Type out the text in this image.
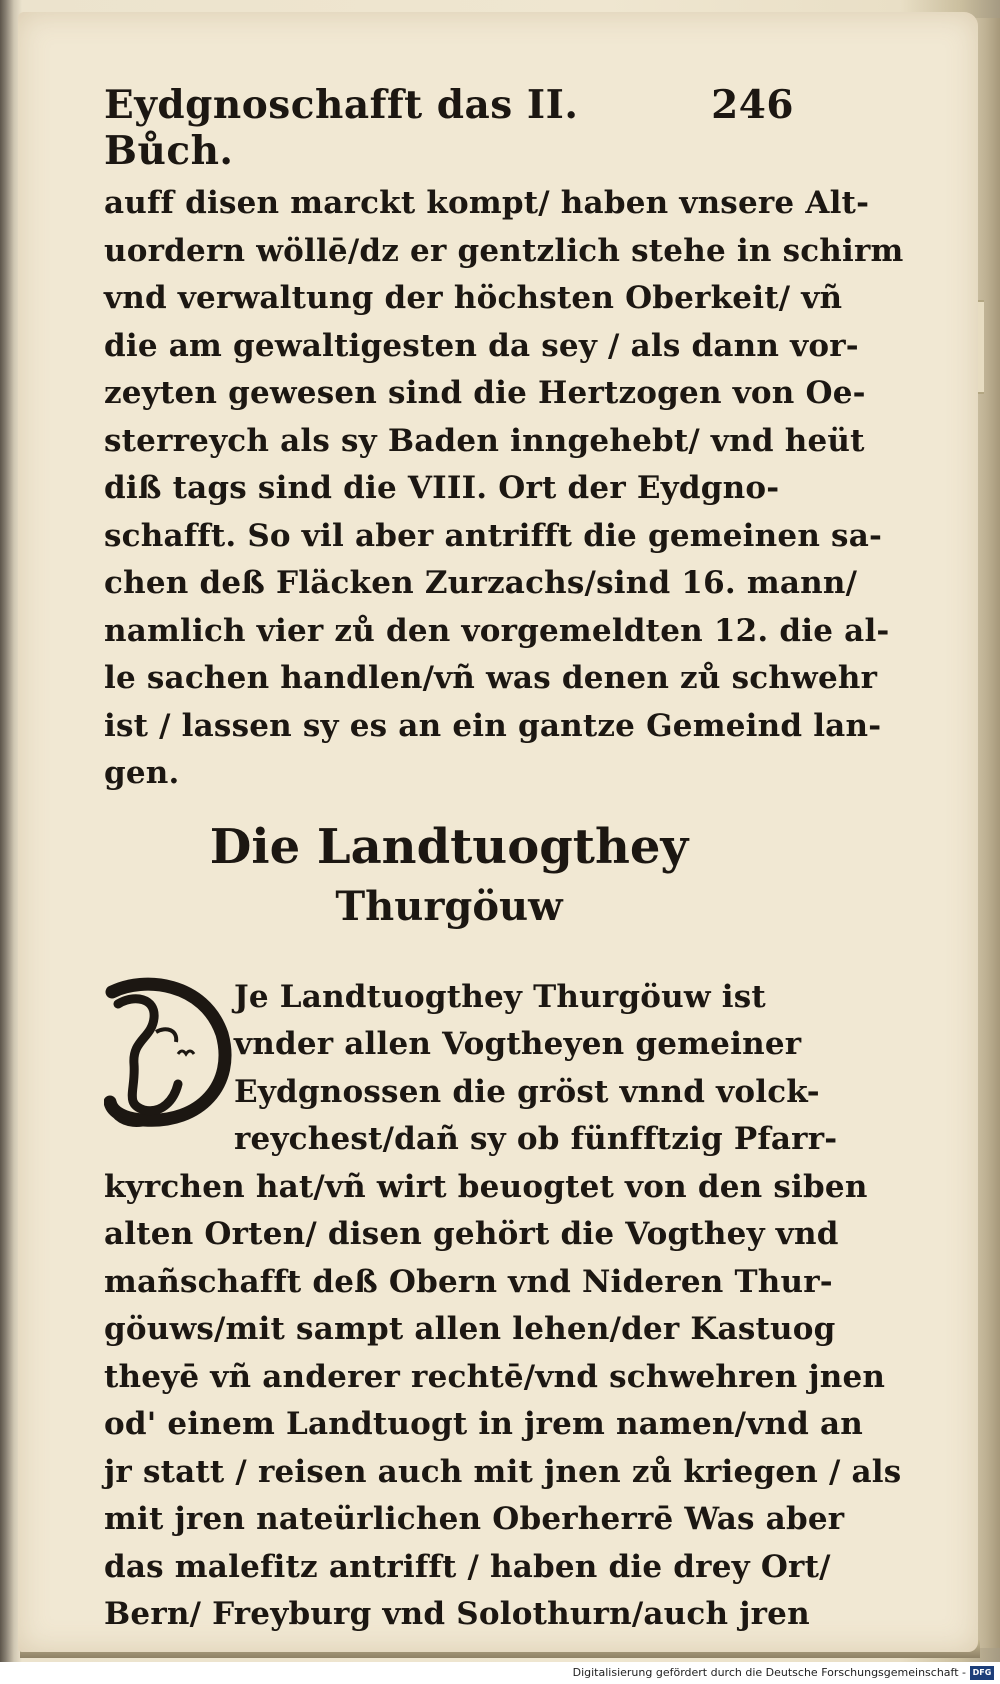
Eydgnoschafft das II. Bůch.
246
auff disen marckt kompt/ haben vnsere Alt-
uordern wöllē/dz er gentzlich stehe in schirm
vnd verwaltung der höchsten Oberkeit/ vñ
die am gewaltigesten da sey / als dann vor-
zeyten gewesen sind die Hertzogen von Oe-
sterreych als sy Baden inngehebt/ vnd heüt
diß tags sind die VIII. Ort der Eydgno-
schafft. So vil aber antrifft die gemeinen sa-
chen deß Fläcken Zurzachs/sind 16. mann/
namlich vier zů den vorgemeldten 12. die al-
le sachen handlen/vñ was denen zů schwehr
ist / lassen sy es an ein gantze Gemeind lan-
gen.
Die Landtuogthey
Thurgöuw
Je Landtuogthey Thurgöuw ist
vnder allen Vogtheyen gemeiner
Eydgnossen die gröst vnnd volck-
reychest/dañ sy ob fünfftzig Pfarr-
kyrchen hat/vñ wirt beuogtet von den siben
alten Orten/ disen gehört die Vogthey vnd
mañschafft deß Obern vnd Nideren Thur-
göuws/mit sampt allen lehen/der Kastuog
theyē vñ anderer rechtē/vnd schwehren jnen
od' einem Landtuogt in jrem namen/vnd an
jr statt / reisen auch mit jnen zů kriegen / als
mit jren nateürlichen Oberherrē Was aber
das malefitz antrifft / haben die drey Ort/
Bern/ Freyburg vnd Solothurn/auch jren
Digitalisierung gefördert durch die Deutsche Forschungsgemeinschaft - DFG
